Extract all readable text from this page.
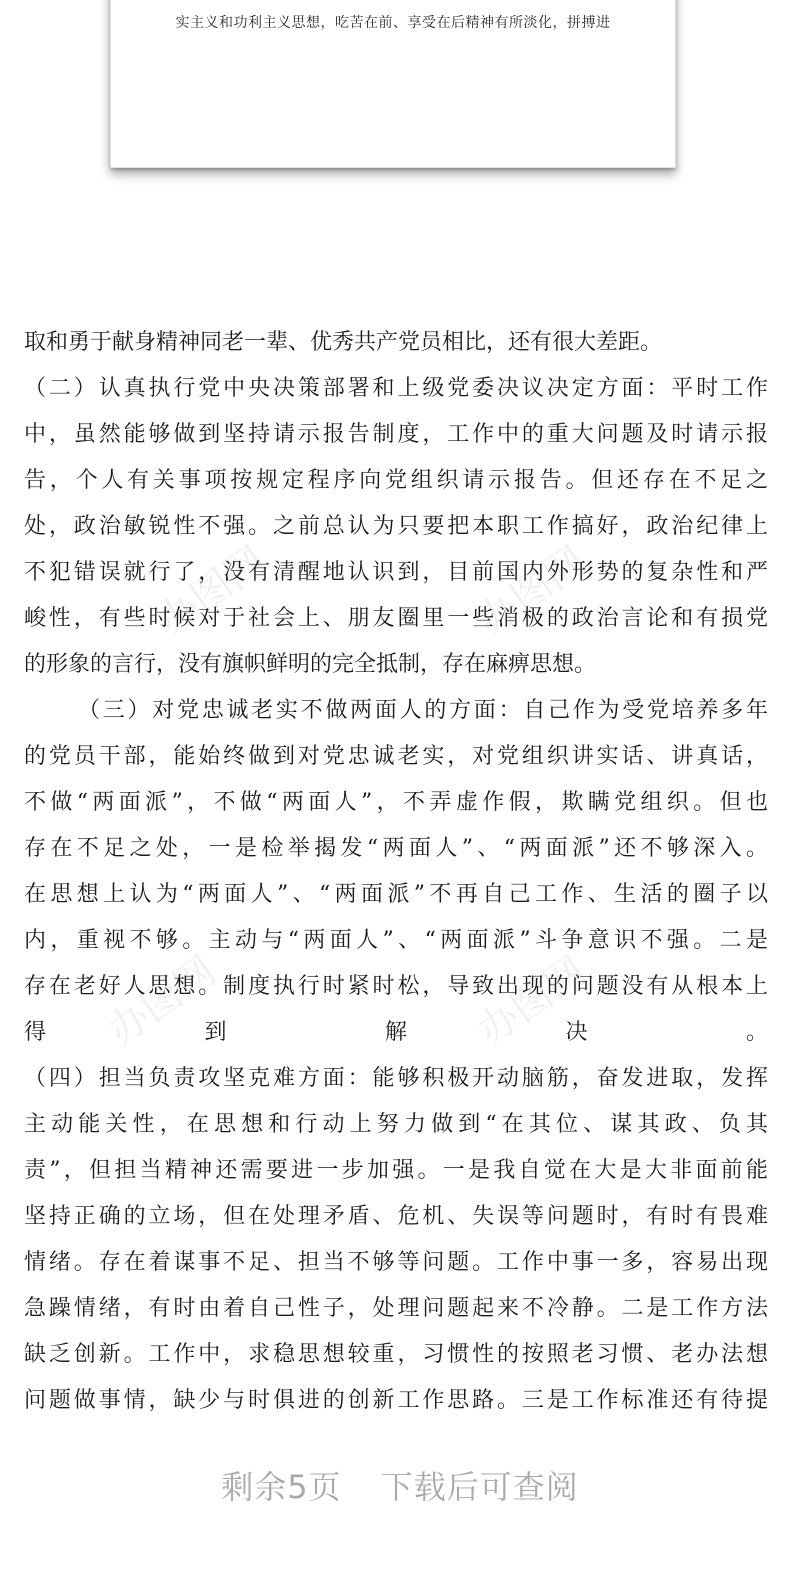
实主义和功利主义思想，吃苦在前、享受在后精神有所淡化，拼搏进
办图网	办图网
办图网	办图网
取和勇于献身精神同老一辈、优秀共产党员相比，还有很大差距。
（二）认真执行党中央决策部署和上级党委决议决定方面：平时工作
中，虽然能够做到坚持请示报告制度，工作中的重大问题及时请示报
告，个人有关事项按规定程序向党组织请示报告。但还存在不足之
处，政治敏锐性不强。之前总认为只要把本职工作搞好，政治纪律上
不犯错误就行了，没有清醒地认识到，目前国内外形势的复杂性和严
峻性，有些时候对于社会上、朋友圈里一些消极的政治言论和有损党
的形象的言行，没有旗帜鲜明的完全抵制，存在麻痹思想。
（三）对党忠诚老实不做两面人的方面：自己作为受党培养多年
的党员干部，能始终做到对党忠诚老实，对党组织讲实话、讲真话，
不做“两面派”，不做“两面人”，不弄虚作假，欺瞒党组织。但也
存在不足之处，一是检举揭发“两面人”、“两面派”还不够深入。
在思想上认为“两面人”、“两面派”不再自己工作、生活的圈子以
内，重视不够。主动与“两面人”、“两面派”斗争意识不强。二是
存在老好人思想。制度执行时紧时松，导致出现的问题没有从根本上
得到解决。
（四）担当负责攻坚克难方面：能够积极开动脑筋，奋发进取，发挥
主动能关性，在思想和行动上努力做到“在其位、谋其政、负其
责”，但担当精神还需要进一步加强。一是我自觉在大是大非面前能
坚持正确的立场，但在处理矛盾、危机、失误等问题时，有时有畏难
情绪。存在着谋事不足、担当不够等问题。工作中事一多，容易出现
急躁情绪，有时由着自己性子，处理问题起来不冷静。二是工作方法
缺乏创新。工作中，求稳思想较重，习惯性的按照老习惯、老办法想
问题做事情，缺少与时俱进的创新工作思路。三是工作标准还有待提
剩余5页 下载后可查阅
